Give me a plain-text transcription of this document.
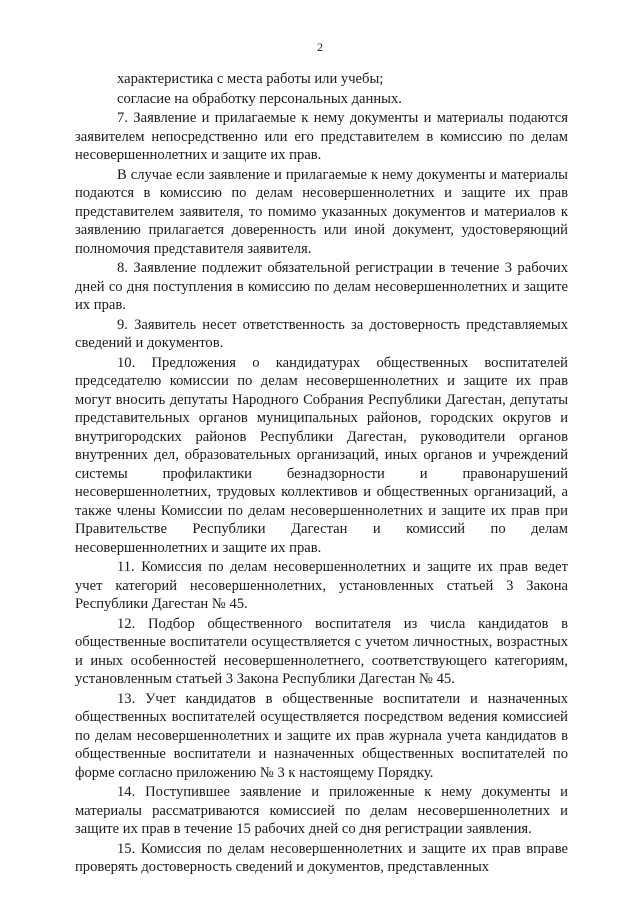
2

характеристика с места работы или учебы;

согласие на обработку персональных данных.

7. Заявление и прилагаемые к нему документы и материалы подаются заявителем непосредственно или его представителем в комиссию по делам несовершеннолетних и защите их прав.

В случае если заявление и прилагаемые к нему документы и материалы подаются в комиссию по делам несовершеннолетних и защите их прав представителем заявителя, то помимо указанных документов и материалов к заявлению прилагается доверенность или иной документ, удостоверяющий полномочия представителя заявителя.

8. Заявление подлежит обязательной регистрации в течение 3 рабочих дней со дня поступления в комиссию по делам несовершеннолетних и защите их прав.

9. Заявитель несет ответственность за достоверность представляемых сведений и документов.

10. Предложения о кандидатурах общественных воспитателей председателю комиссии по делам несовершеннолетних и защите их прав могут вносить депутаты Народного Собрания Республики Дагестан, депутаты представительных органов муниципальных районов, городских округов и внутригородских районов Республики Дагестан, руководители органов внутренних дел, образовательных организаций, иных органов и учреждений системы профилактики безнадзорности и правонарушений несовершеннолетних, трудовых коллективов и общественных организаций, а также члены Комиссии по делам несовершеннолетних и защите их прав при Правительстве Республики Дагестан и комиссий по делам несовершеннолетних и защите их прав.

11. Комиссия по делам несовершеннолетних и защите их прав ведет учет категорий несовершеннолетних, установленных статьей 3 Закона Республики Дагестан № 45.

12. Подбор общественного воспитателя из числа кандидатов в общественные воспитатели осуществляется с учетом личностных, возрастных и иных особенностей несовершеннолетнего, соответствующего категориям, установленным статьей 3 Закона Республики Дагестан № 45.

13. Учет кандидатов в общественные воспитатели и назначенных общественных воспитателей осуществляется посредством ведения комиссией по делам несовершеннолетних и защите их прав журнала учета кандидатов в общественные воспитатели и назначенных общественных воспитателей по форме согласно приложению № 3 к настоящему Порядку.

14. Поступившее заявление и приложенные к нему документы и материалы рассматриваются комиссией по делам несовершеннолетних и защите их прав в течение 15 рабочих дней со дня регистрации заявления.

15. Комиссия по делам несовершеннолетних и защите их прав вправе проверять достоверность сведений и документов, представленных
